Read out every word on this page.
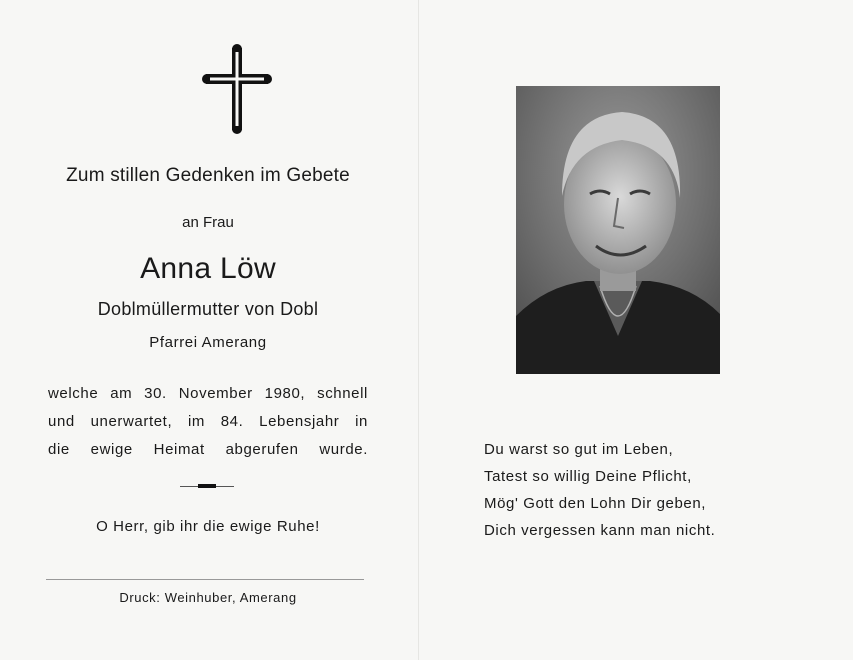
Zum stillen Gedenken im Gebete
an Frau
Anna Löw
Doblmüllermutter von Dobl
Pfarrei Amerang
welche am 30. November 1980, schnell
und unerwartet, im 84. Lebensjahr in
die ewige Heimat abgerufen wurde.
O Herr, gib ihr die ewige Ruhe!
Druck: Weinhuber, Amerang
Du warst so gut im Leben,
Tatest so willig Deine Pflicht,
Mög' Gott den Lohn Dir geben,
Dich vergessen kann man nicht.
